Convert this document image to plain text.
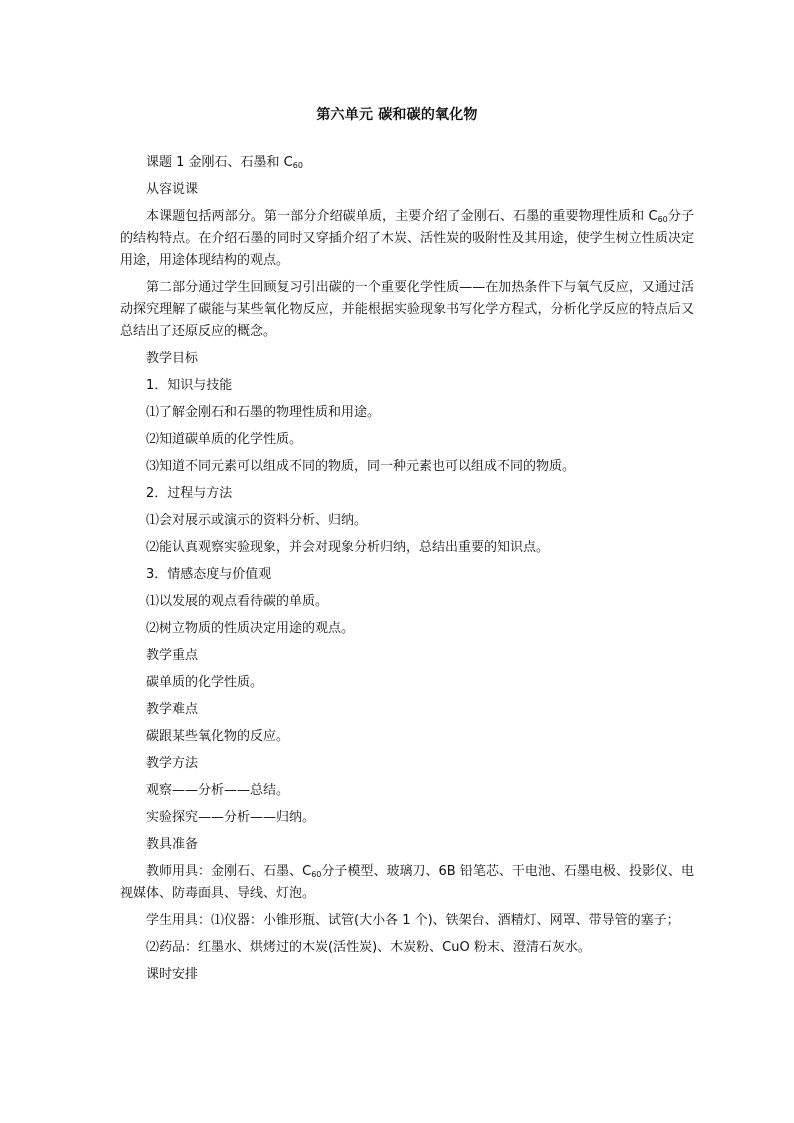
第六单元 碳和碳的氧化物

课题 1 金刚石、石墨和 $C_{60}$

从容说课

本课题包括两部分。第一部分介绍碳单质，主要介绍了金刚石、石墨的重要物理性质和 $C_{60}$分子的结构特点。在介绍石墨的同时又穿插介绍了木炭、活性炭的吸附性及其用途，使学生树立性质决定用途，用途体现结构的观点。

第二部分通过学生回顾复习引出碳的一个重要化学性质——在加热条件下与氧气反应，又通过活动探究理解了碳能与某些氧化物反应，并能根据实验现象书写化学方程式，分析化学反应的特点后又总结出了还原反应的概念。

教学目标

1．知识与技能

⑴了解金刚石和石墨的物理性质和用途。

⑵知道碳单质的化学性质。

⑶知道不同元素可以组成不同的物质，同一种元素也可以组成不同的物质。

2．过程与方法

⑴会对展示或演示的资料分析、归纳。

⑵能认真观察实验现象，并会对现象分析归纳，总结出重要的知识点。

3．情感态度与价值观

⑴以发展的观点看待碳的单质。

⑵树立物质的性质决定用途的观点。

教学重点

碳单质的化学性质。

教学难点

碳跟某些氧化物的反应。

教学方法

观察——分析——总结。

实验探究——分析——归纳。

教具准备

教师用具：金刚石、石墨、$C_{60}$分子模型、玻璃刀、6B 铅笔芯、干电池、石墨电极、投影仪、电视媒体、防毒面具、导线、灯泡。

学生用具：⑴仪器：小锥形瓶、试管(大小各 1 个)、铁架台、酒精灯、网罩、带导管的塞子；

⑵药品：红墨水、烘烤过的木炭(活性炭)、木炭粉、CuO 粉末、澄清石灰水。

课时安排
